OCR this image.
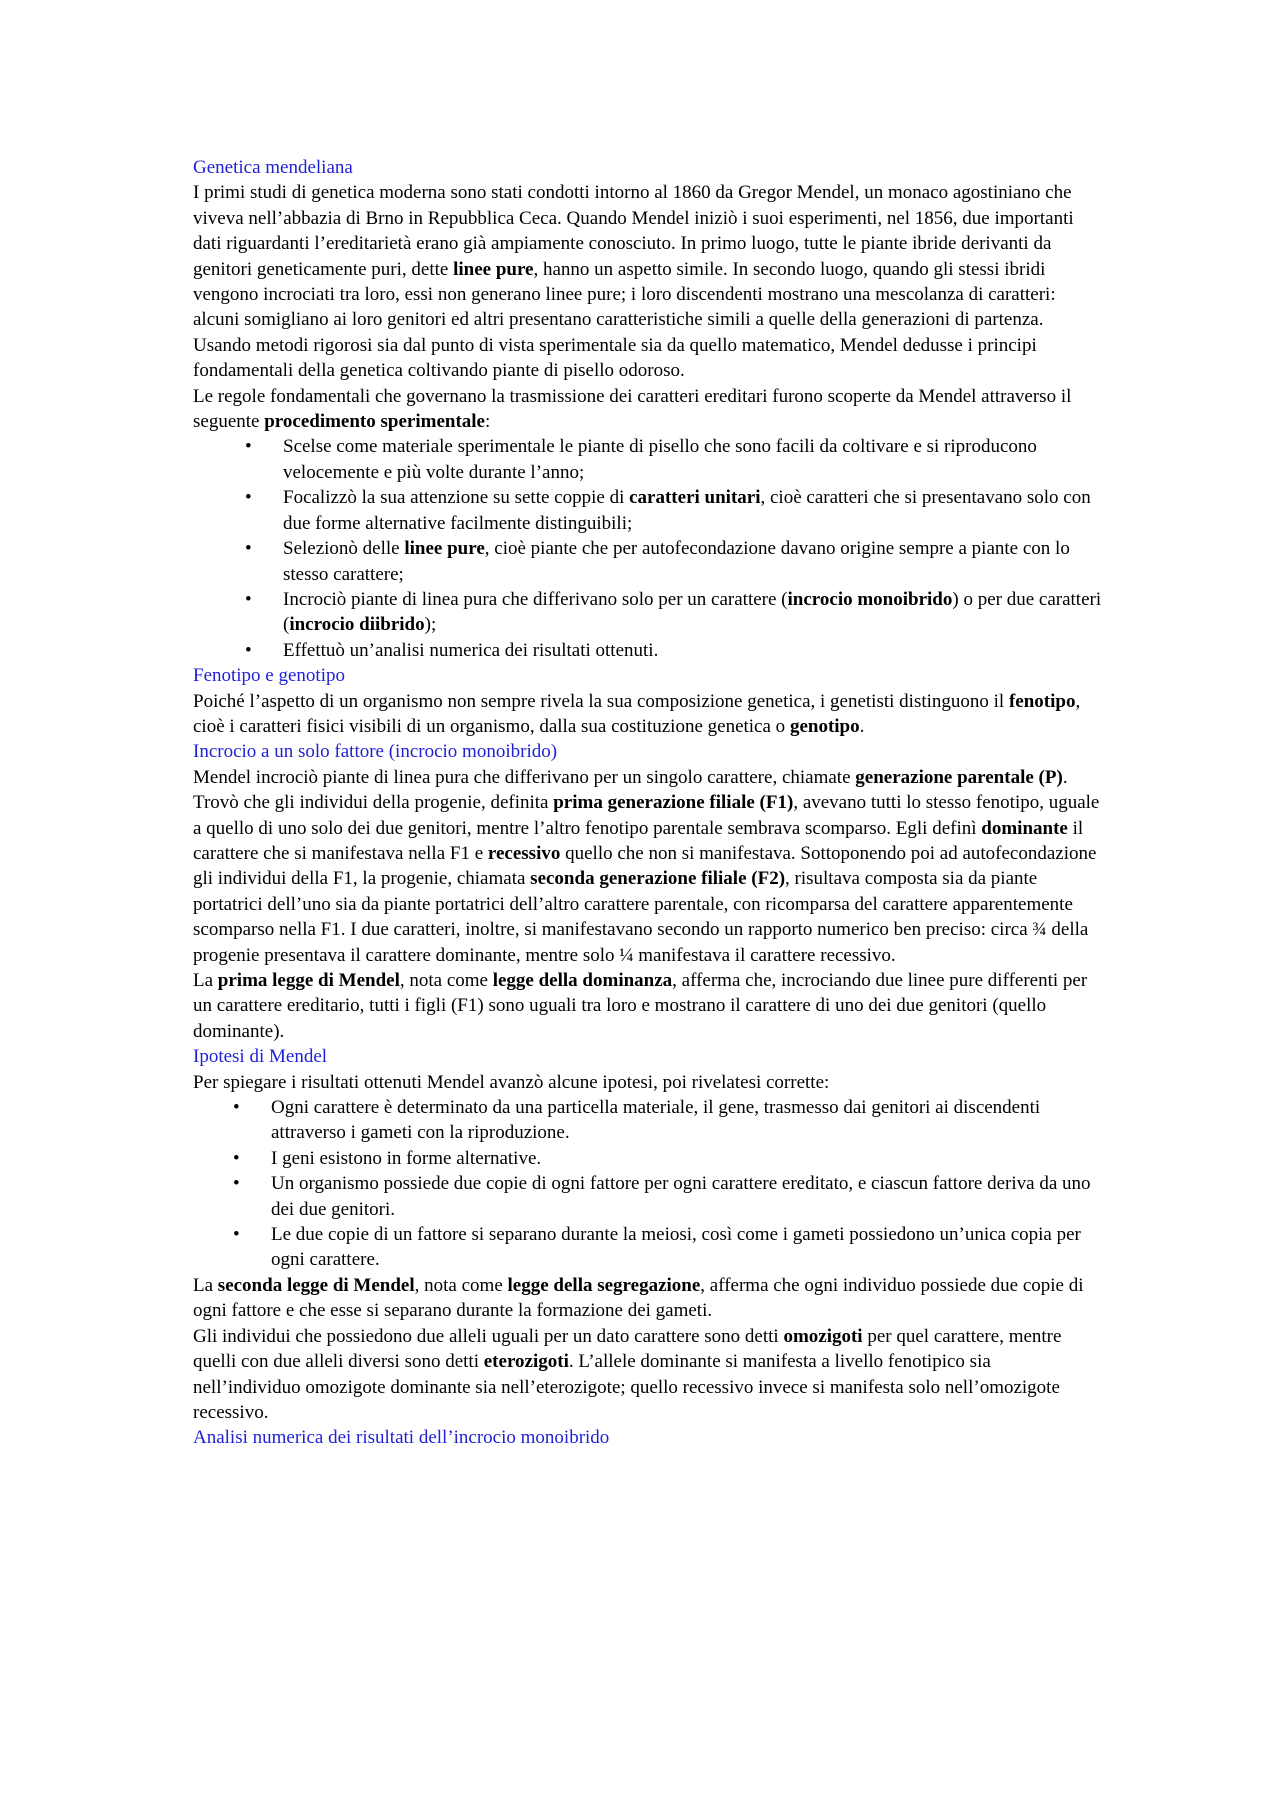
Genetica mendeliana

I primi studi di genetica moderna sono stati condotti intorno al 1860 da Gregor Mendel, un monaco agostiniano che viveva nell’abbazia di Brno in Repubblica Ceca. Quando Mendel iniziò i suoi esperimenti, nel 1856, due importanti dati riguardanti l’ereditarietà erano già ampiamente conosciuto. In primo luogo, tutte le piante ibride derivanti da genitori geneticamente puri, dette linee pure, hanno un aspetto simile. In secondo luogo, quando gli stessi ibridi vengono incrociati tra loro, essi non generano linee pure; i loro discendenti mostrano una mescolanza di caratteri: alcuni somigliano ai loro genitori ed altri presentano caratteristiche simili a quelle della generazioni di partenza. Usando metodi rigorosi sia dal punto di vista sperimentale sia da quello matematico, Mendel dedusse i principi fondamentali della genetica coltivando piante di pisello odoroso.

Le regole fondamentali che governano la trasmissione dei caratteri ereditari furono scoperte da Mendel attraverso il seguente procedimento sperimentale:

• Scelse come materiale sperimentale le piante di pisello che sono facili da coltivare e si riproducono velocemente e più volte durante l’anno;
• Focalizzò la sua attenzione su sette coppie di caratteri unitari, cioè caratteri che si presentavano solo con due forme alternative facilmente distinguibili;
• Selezionò delle linee pure, cioè piante che per autofecondazione davano origine sempre a piante con lo stesso carattere;
• Incrociò piante di linea pura che differivano solo per un carattere (incrocio monoibrido) o per due caratteri (incrocio diibrido);
• Effettuò un’analisi numerica dei risultati ottenuti.
Fenotipo e genotipo

Poiché l’aspetto di un organismo non sempre rivela la sua composizione genetica, i genetisti distinguono il fenotipo, cioè i caratteri fisici visibili di un organismo, dalla sua costituzione genetica o genotipo.

Incrocio a un solo fattore (incrocio monoibrido)

Mendel incrociò piante di linea pura che differivano per un singolo carattere, chiamate generazione parentale (P). Trovò che gli individui della progenie, definita prima generazione filiale (F1), avevano tutti lo stesso fenotipo, uguale a quello di uno solo dei due genitori, mentre l’altro fenotipo parentale sembrava scomparso. Egli definì dominante il carattere che si manifestava nella F1 e recessivo quello che non si manifestava. Sottoponendo poi ad autofecondazione gli individui della F1, la progenie, chiamata seconda generazione filiale (F2), risultava composta sia da piante portatrici dell’uno sia da piante portatrici dell’altro carattere parentale, con ricomparsa del carattere apparentemente scomparso nella F1. I due caratteri, inoltre, si manifestavano secondo un rapporto numerico ben preciso: circa ¾ della progenie presentava il carattere dominante, mentre solo ¼ manifestava il carattere recessivo.

La prima legge di Mendel, nota come legge della dominanza, afferma che, incrociando due linee pure differenti per un carattere ereditario, tutti i figli (F1) sono uguali tra loro e mostrano il carattere di uno dei due genitori (quello dominante).

Ipotesi di Mendel

Per spiegare i risultati ottenuti Mendel avanzò alcune ipotesi, poi rivelatesi corrette:

• Ogni carattere è determinato da una particella materiale, il gene, trasmesso dai genitori ai discendenti attraverso i gameti con la riproduzione.
• I geni esistono in forme alternative.
• Un organismo possiede due copie di ogni fattore per ogni carattere ereditato, e ciascun fattore deriva da uno dei due genitori.
• Le due copie di un fattore si separano durante la meiosi, così come i gameti possiedono un’unica copia per ogni carattere.

La seconda legge di Mendel, nota come legge della segregazione, afferma che ogni individuo possiede due copie di ogni fattore e che esse si separano durante la formazione dei gameti.

Gli individui che possiedono due alleli uguali per un dato carattere sono detti omozigoti per quel carattere, mentre quelli con due alleli diversi sono detti eterozigoti. L’allele dominante si manifesta a livello fenotipico sia nell’individuo omozigote dominante sia nell’eterozigote; quello recessivo invece si manifesta solo nell’omozigote recessivo.

Analisi numerica dei risultati dell’incrocio monoibrido
